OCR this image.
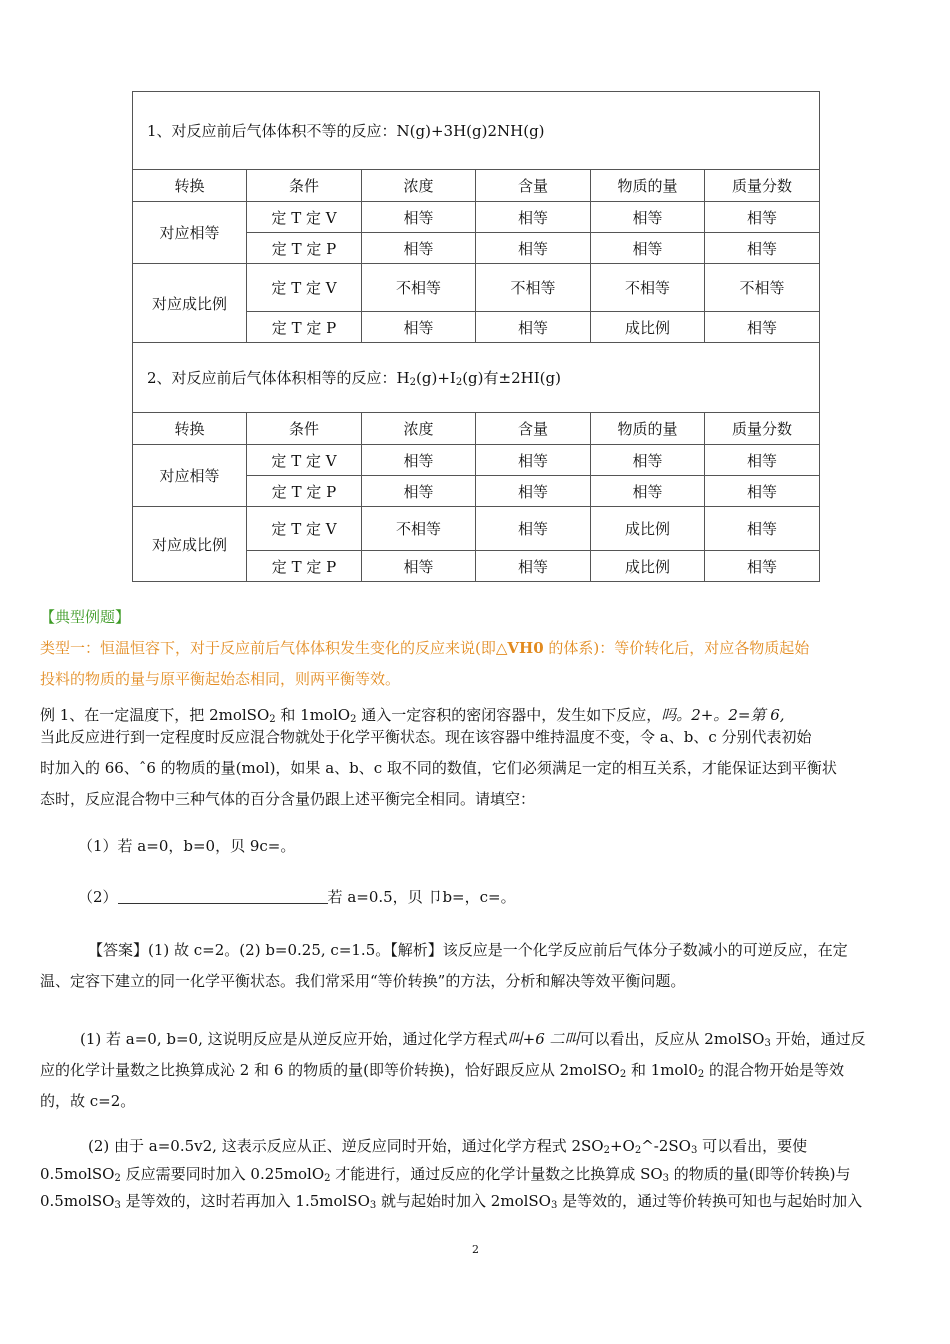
1、对反应前后气体体积不等的反应：N(g)+3H(g)2NH(g)					
转换	条件	浓度	含量	物质的量	质量分数
对应相等	定 T 定 V	相等	相等	相等	相等
	定 T 定 P	相等	相等	相等	相等
对应成比例	定 T 定 V	不相等	不相等	不相等	不相等
	定 T 定 P	相等	相等	成比例	相等
2、对反应前后气体体积相等的反应：$H_2(g)+I_2(g)$有±2HI(g)					
转换	条件	浓度	含量	物质的量	质量分数
对应相等	定 T 定 V	相等	相等	相等	相等
	定 T 定 P	相等	相等	相等	相等
对应成比例	定 T 定 V	不相等	相等	成比例	相等
	定 T 定 P	相等	相等	成比例	相等
【典型例题】
类型一：恒温恒容下，对于反应前后气体体积发生变化的反应来说(即△VH0 的体系)：等价转化后，对应各物质起始
投料的物质的量与原平衡起始态相同，则两平衡等效。
例 1、在一定温度下，把 2molSO$_2$ 和 1molO$_2$ 通入一定容积的密闭容器中，发生如下反应，吗。2+。2=第 6,
当此反应进行到一定程度时反应混合物就处于化学平衡状态。现在该容器中维持温度不变，令 a、b、c 分别代表初始
时加入的 66、ˆ6 的物质的量(mol)，如果 a、b、c 取不同的数值，它们必须满足一定的相互关系，才能保证达到平衡状
态时，反应混合物中三种气体的百分含量仍跟上述平衡完全相同。请填空：
（1）若 a=0，b=0，贝 9c=。
（2）	若 a=0.5，贝 卩b=，c=。
【答案】(1) 故 c=2。(2) b=0.25, c=1.5。【解析】该反应是一个化学反应前后气体分子数减小的可逆反应，在定
温、定容下建立的同一化学平衡状态。我们常采用“等价转换”的方法，分析和解决等效平衡问题。
(1) 若 a=0, b=0, 这说明反应是从逆反应开始，通过化学方程式叫+6 二叫可以看出，反应从 2molSO$_3$ 开始，通过反
应的化学计量数之比换算成沁 2 和 6 的物质的量(即等价转换)，恰好跟反应从 2molSO$_2$ 和 $1mol0_2$ 的混合物开始是等效
的，故 c=2。
(2) 由于 a=0.5v2, 这表示反应从正、逆反应同时开始，通过化学方程式 $2SO_2+O_2\^{}-2SO_3$ 可以看出，要使
0.5molSO$_2$ 反应需要同时加入 0.25molO$_2$ 才能进行，通过反应的化学计量数之比换算成 $SO_3$ 的物质的量(即等价转换)与
0.5molSO$_3$ 是等效的，这时若再加入 1.5molSO$_3$ 就与起始时加入 2molSO$_3$ 是等效的，通过等价转换可知也与起始时加入
2
